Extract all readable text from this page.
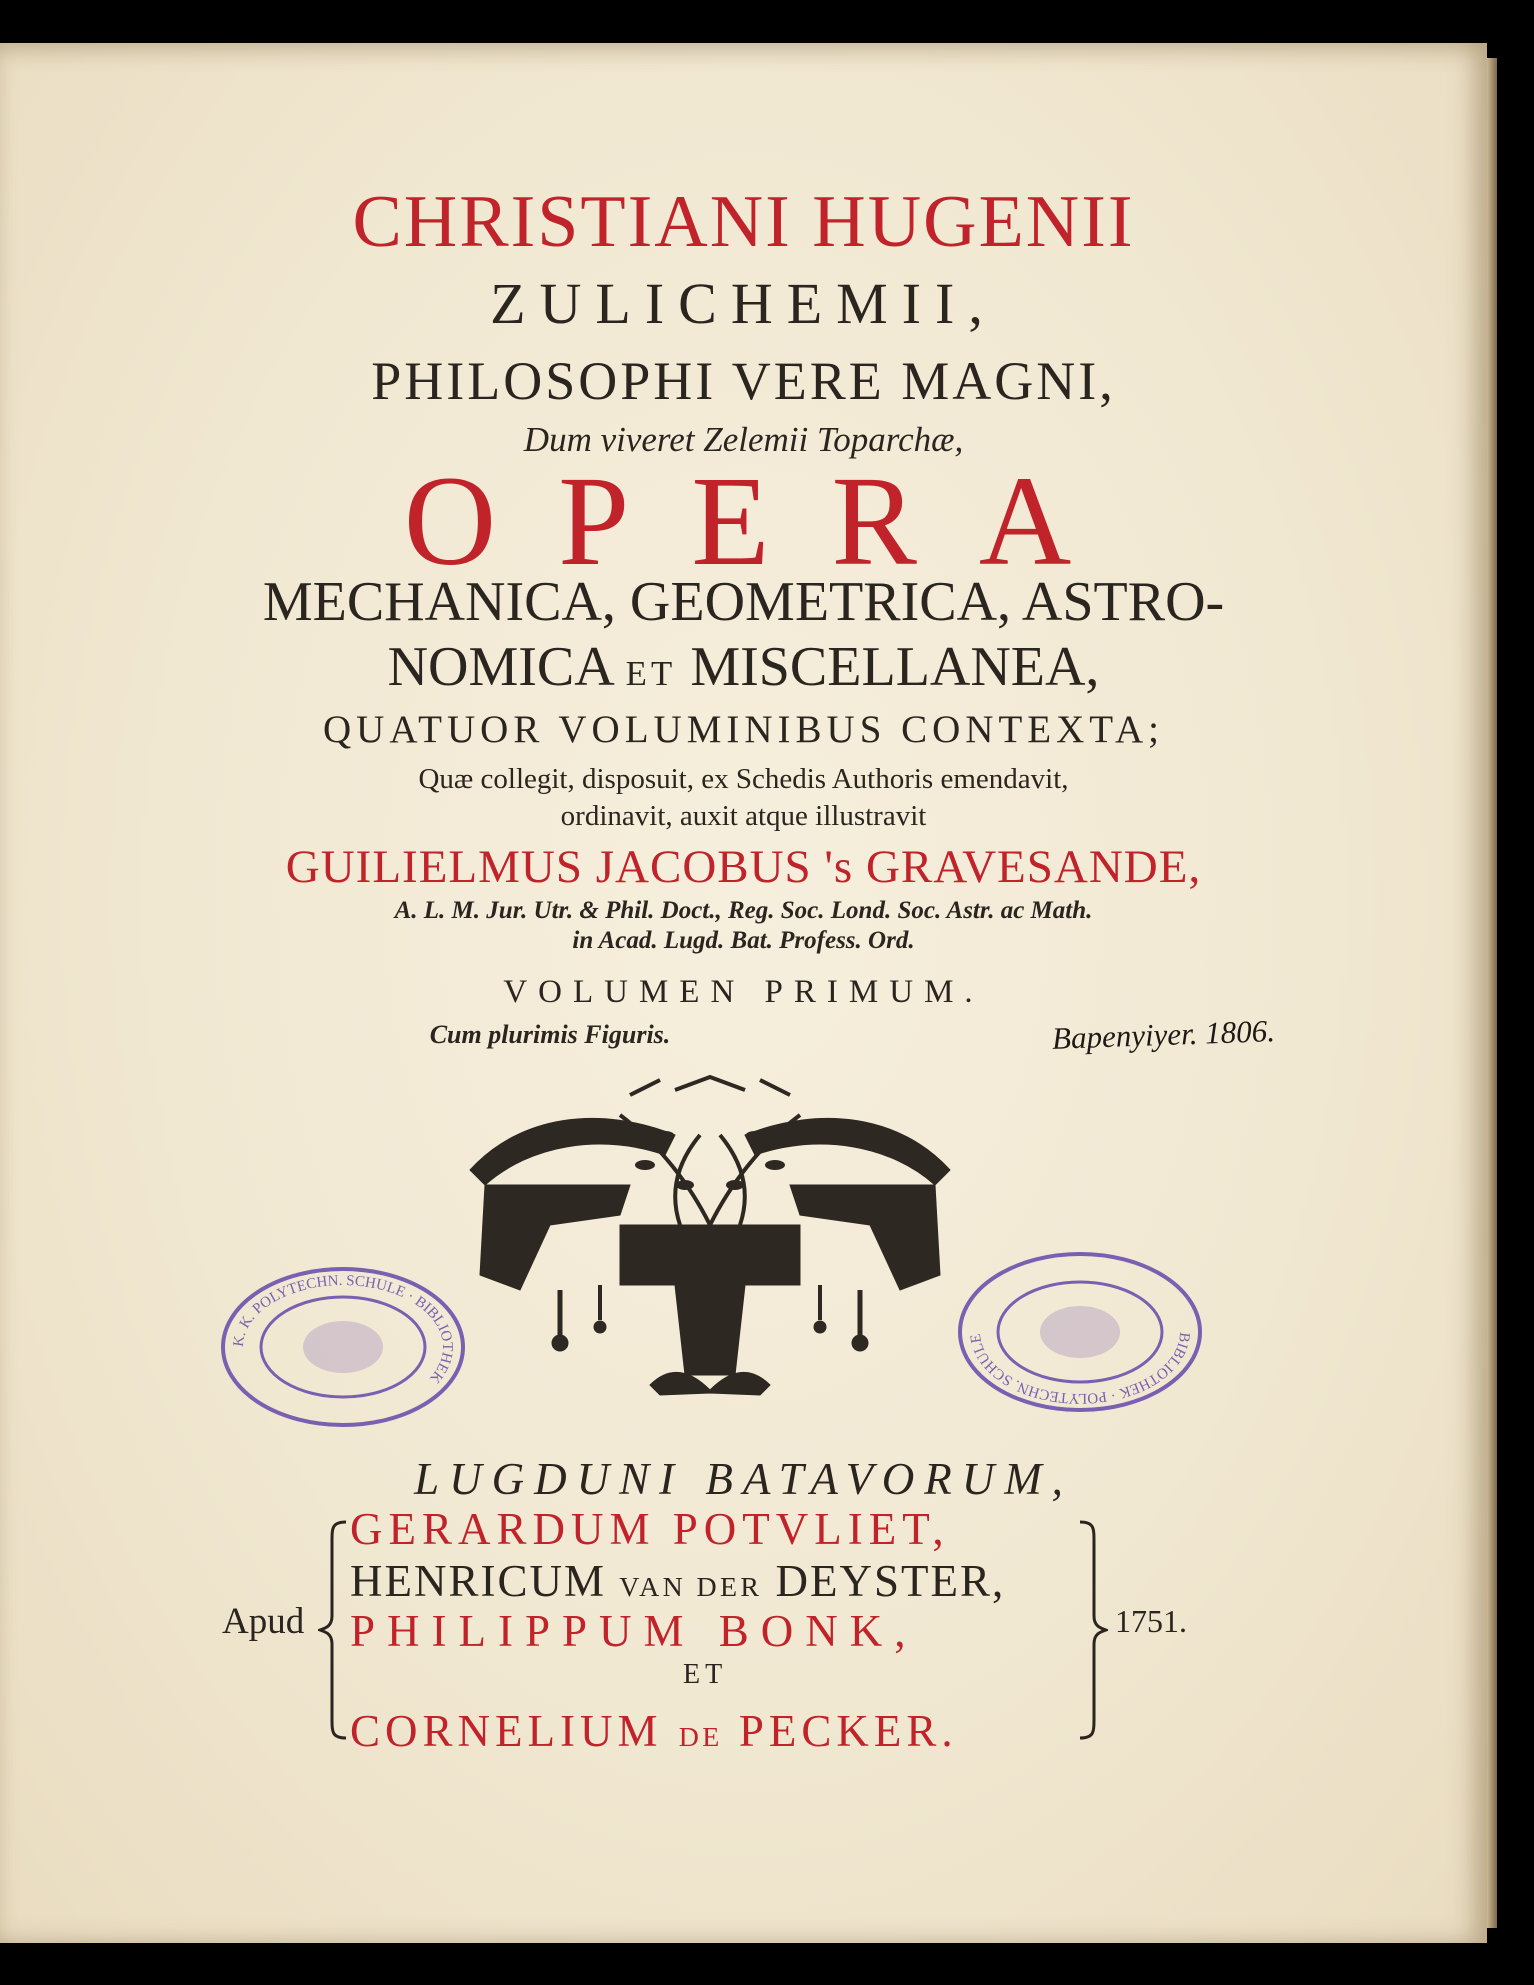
CHRISTIANI HUGENII
ZULICHEMII,
PHILOSOPHI VERE MAGNI,
Dum viveret Zelemii Toparchæ,
OPERA
MECHANICA, GEOMETRICA, ASTRO-
NOMICA ET MISCELLANEA,
QUATUOR VOLUMINIBUS CONTEXTA;
Quæ collegit, disposuit, ex Schedis Authoris emendavit,
ordinavit, auxit atque illustravit
GUILIELMUS JACOBUS 's GRAVESANDE,
A. L. M. Jur. Utr. & Phil. Doct., Reg. Soc. Lond. Soc. Astr. ac Math.
in Acad. Lugd. Bat. Profess. Ord.
VOLUMEN PRIMUM.
Cum plurimis Figuris.	Bapenyiyer. 1806.
K. K. POLYTECHN. SCHULE · BIBLIOTHEK
BIBLIOTHEK · POLYTECHN. SCHULE
LUGDUNI BATAVORUM,
Apud
GERARDUM POTVLIET,
HENRICUM VAN DER DEYSTER,
PHILIPPUM BONK,
ET
CORNELIUM DE PECKER.
1751.
